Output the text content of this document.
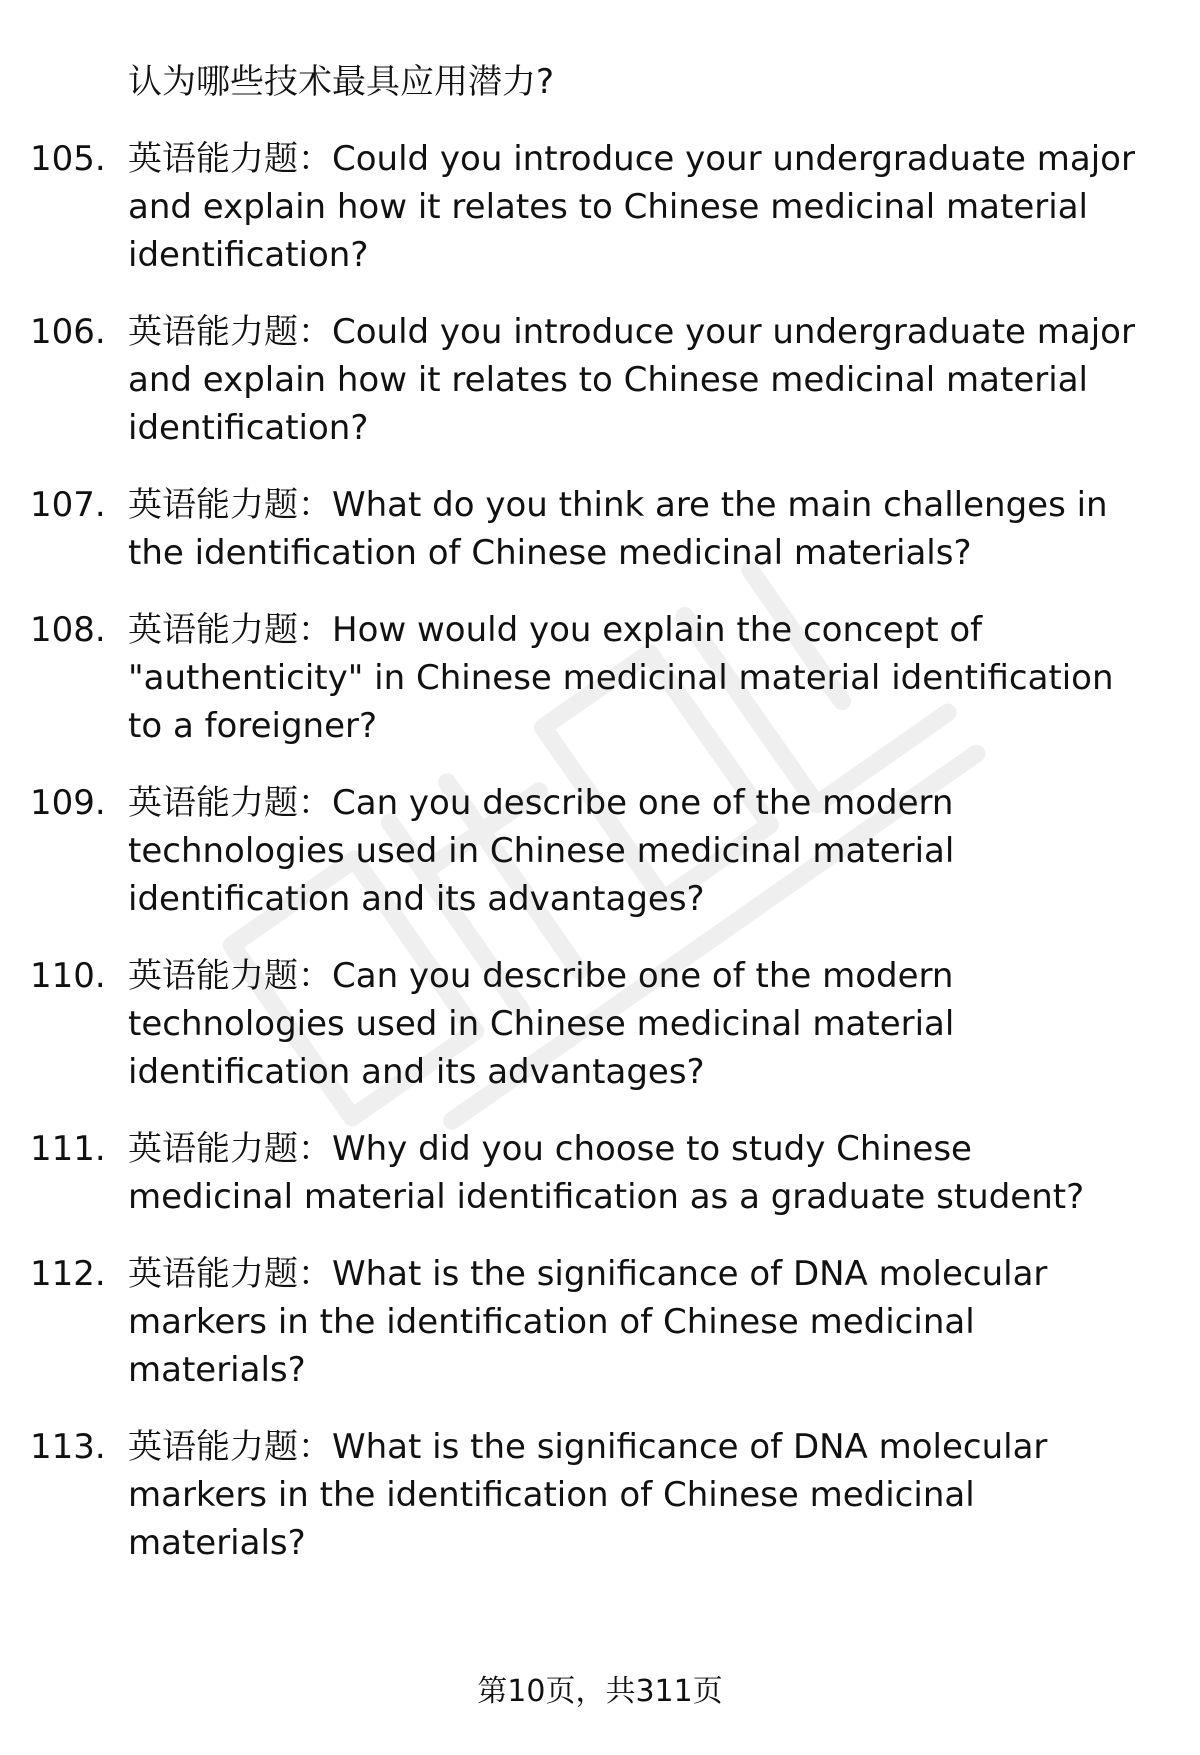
认为哪些技术最具应用潜力?
105. 英语能力题：Could you introduce your undergraduate major and explain how it relates to Chinese medicinal material identification?
106. 英语能力题：Could you introduce your undergraduate major and explain how it relates to Chinese medicinal material identification?
107. 英语能力题：What do you think are the main challenges in the identification of Chinese medicinal materials?
108. 英语能力题：How would you explain the concept of "authenticity" in Chinese medicinal material identification to a foreigner?
109. 英语能力题：Can you describe one of the modern technologies used in Chinese medicinal material identification and its advantages?
110. 英语能力题：Can you describe one of the modern technologies used in Chinese medicinal material identification and its advantages?
111. 英语能力题：Why did you choose to study Chinese medicinal material identification as a graduate student?
112. 英语能力题：What is the significance of DNA molecular markers in the identification of Chinese medicinal materials?
113. 英语能力题：What is the significance of DNA molecular markers in the identification of Chinese medicinal materials?
第10页，共311页
